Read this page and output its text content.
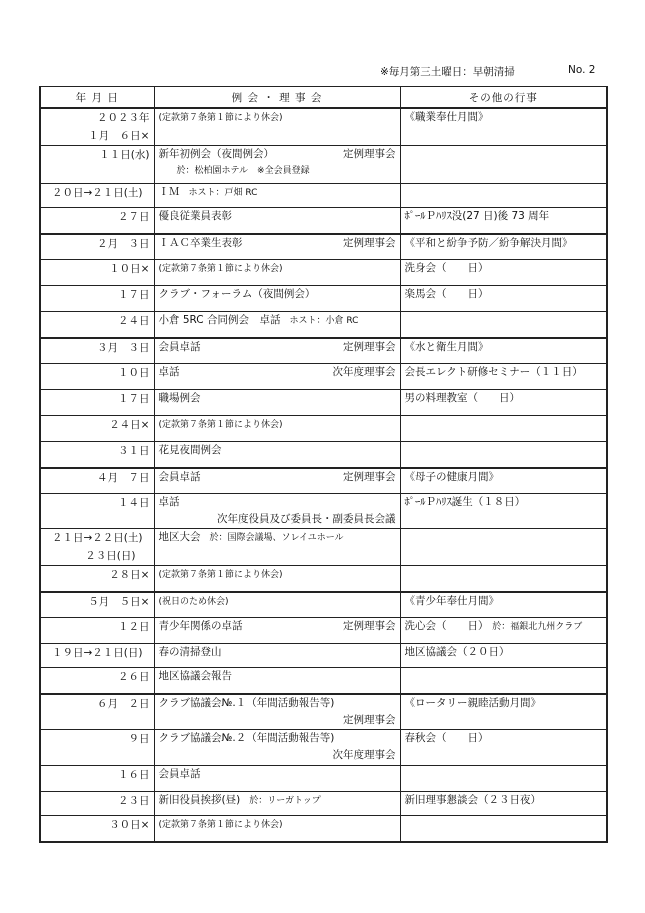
※毎月第三土曜日：早朝清掃	No. 2
年 月 日	例 会 ・ 理 事 会	その他の行事

２０２３年
１月　６日×	(定款第７条第１節により休会)	《職業奉仕月間》

１１日(水)	新年初例会（夜間例会） 定例理事会
於：松柏園ホテル　※全会員登録	

２０日→２１日(土)	ＩＭ　ホスト：戸畑 RC	

２７日	優良従業員表彰	ﾎﾟｰﾙＰﾊﾘｽ没(27 日)後 73 周年

２月　３日	ＩＡＣ卒業生表彰 定例理事会	《平和と紛争予防／紛争解決月間》

１０日×	(定款第７条第１節により休会)	洗身会（　　日）

１７日	クラブ・フォーラム（夜間例会）	楽馬会（　　日）

２４日	小倉 5RC 合同例会　卓話　ホスト：小倉 RC	

３月　３日	会員卓話 定例理事会	《水と衛生月間》

１０日	卓話 次年度理事会	会長エレクト研修セミナー（１１日）

１７日	職場例会	男の料理教室（　　日）

２４日×	(定款第７条第１節により休会)	

３１日	花見夜間例会	

４月　７日	会員卓話 定例理事会	《母子の健康月間》

１４日	卓話
次年度役員及び委員長・副委員長会議	ﾎﾟｰﾙＰﾊﾘｽ誕生（１８日）

２１日→２２日(土)
２３日(日)	地区大会　於：国際会議場、ソレイユホール	

２８日×	(定款第７条第１節により休会)	

５月　５日×	(祝日のため休会)	《青少年奉仕月間》

１２日	青少年関係の卓話 定例理事会	洗心会（　　日）　於：福銀北九州クラブ

１９日→２１日(日)	春の清掃登山	地区協議会（２０日）

２６日	地区協議会報告	

６月　２日	クラブ協議会№.１（年間活動報告等)
定例理事会	《ロータリー親睦活動月間》

９日	クラブ協議会№.２（年間活動報告等)
次年度理事会	春秋会（　　日）

１６日	会員卓話	

２３日	新旧役員挨拶(昼)　於：リーガトップ	新旧理事懇談会（２３日夜）

３０日×	(定款第７条第１節により休会)	
